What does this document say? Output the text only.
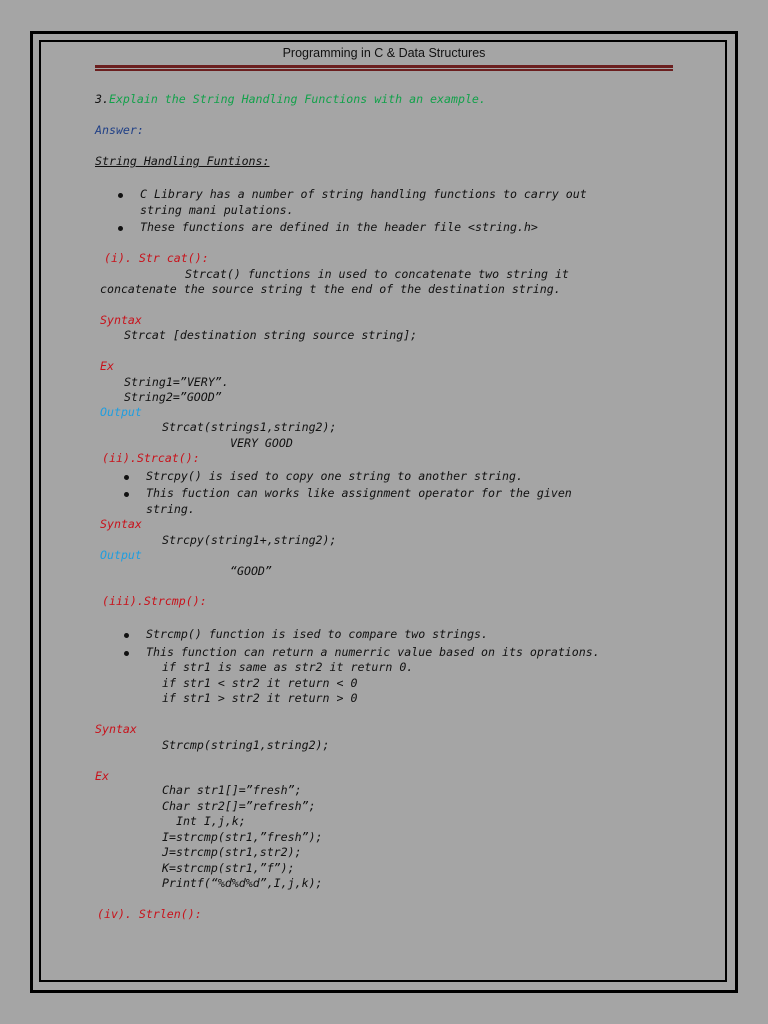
Programming in C & Data Structures
3.Explain the String Handling Functions with an example.
Answer:
String Handling Funtions:
C Library has a number of string handling functions to carry out
string mani pulations.
These functions are defined in the header file <string.h>
(i). Str cat():
Strcat() functions in used to concatenate two string it
concatenate the source string t the end of the destination string.
Syntax
Strcat [destination string source string];
Ex
String1=”VERY”.
String2=”GOOD”
Output
Strcat(strings1,string2);
VERY GOOD
(ii).Strcat():
Strcpy() is ised to copy one string to another string.
This fuction can works like assignment operator for the given
string.
Syntax
Strcpy(string1+,string2);
Output
“GOOD”
(iii).Strcmp():
Strcmp() function is ised to compare two strings.
This function can return a numerric value based on its oprations.
if str1 is same as str2 it return 0.
if str1 < str2 it return < 0
if str1 > str2 it return > 0
Syntax
Strcmp(string1,string2);
Ex
Char str1[]=”fresh”;
Char str2[]=”refresh”;
Int I,j,k;
I=strcmp(str1,”fresh”);
J=strcmp(str1,str2);
K=strcmp(str1,”f”);
Printf(“%d%d%d”,I,j,k);
(iv). Strlen():
